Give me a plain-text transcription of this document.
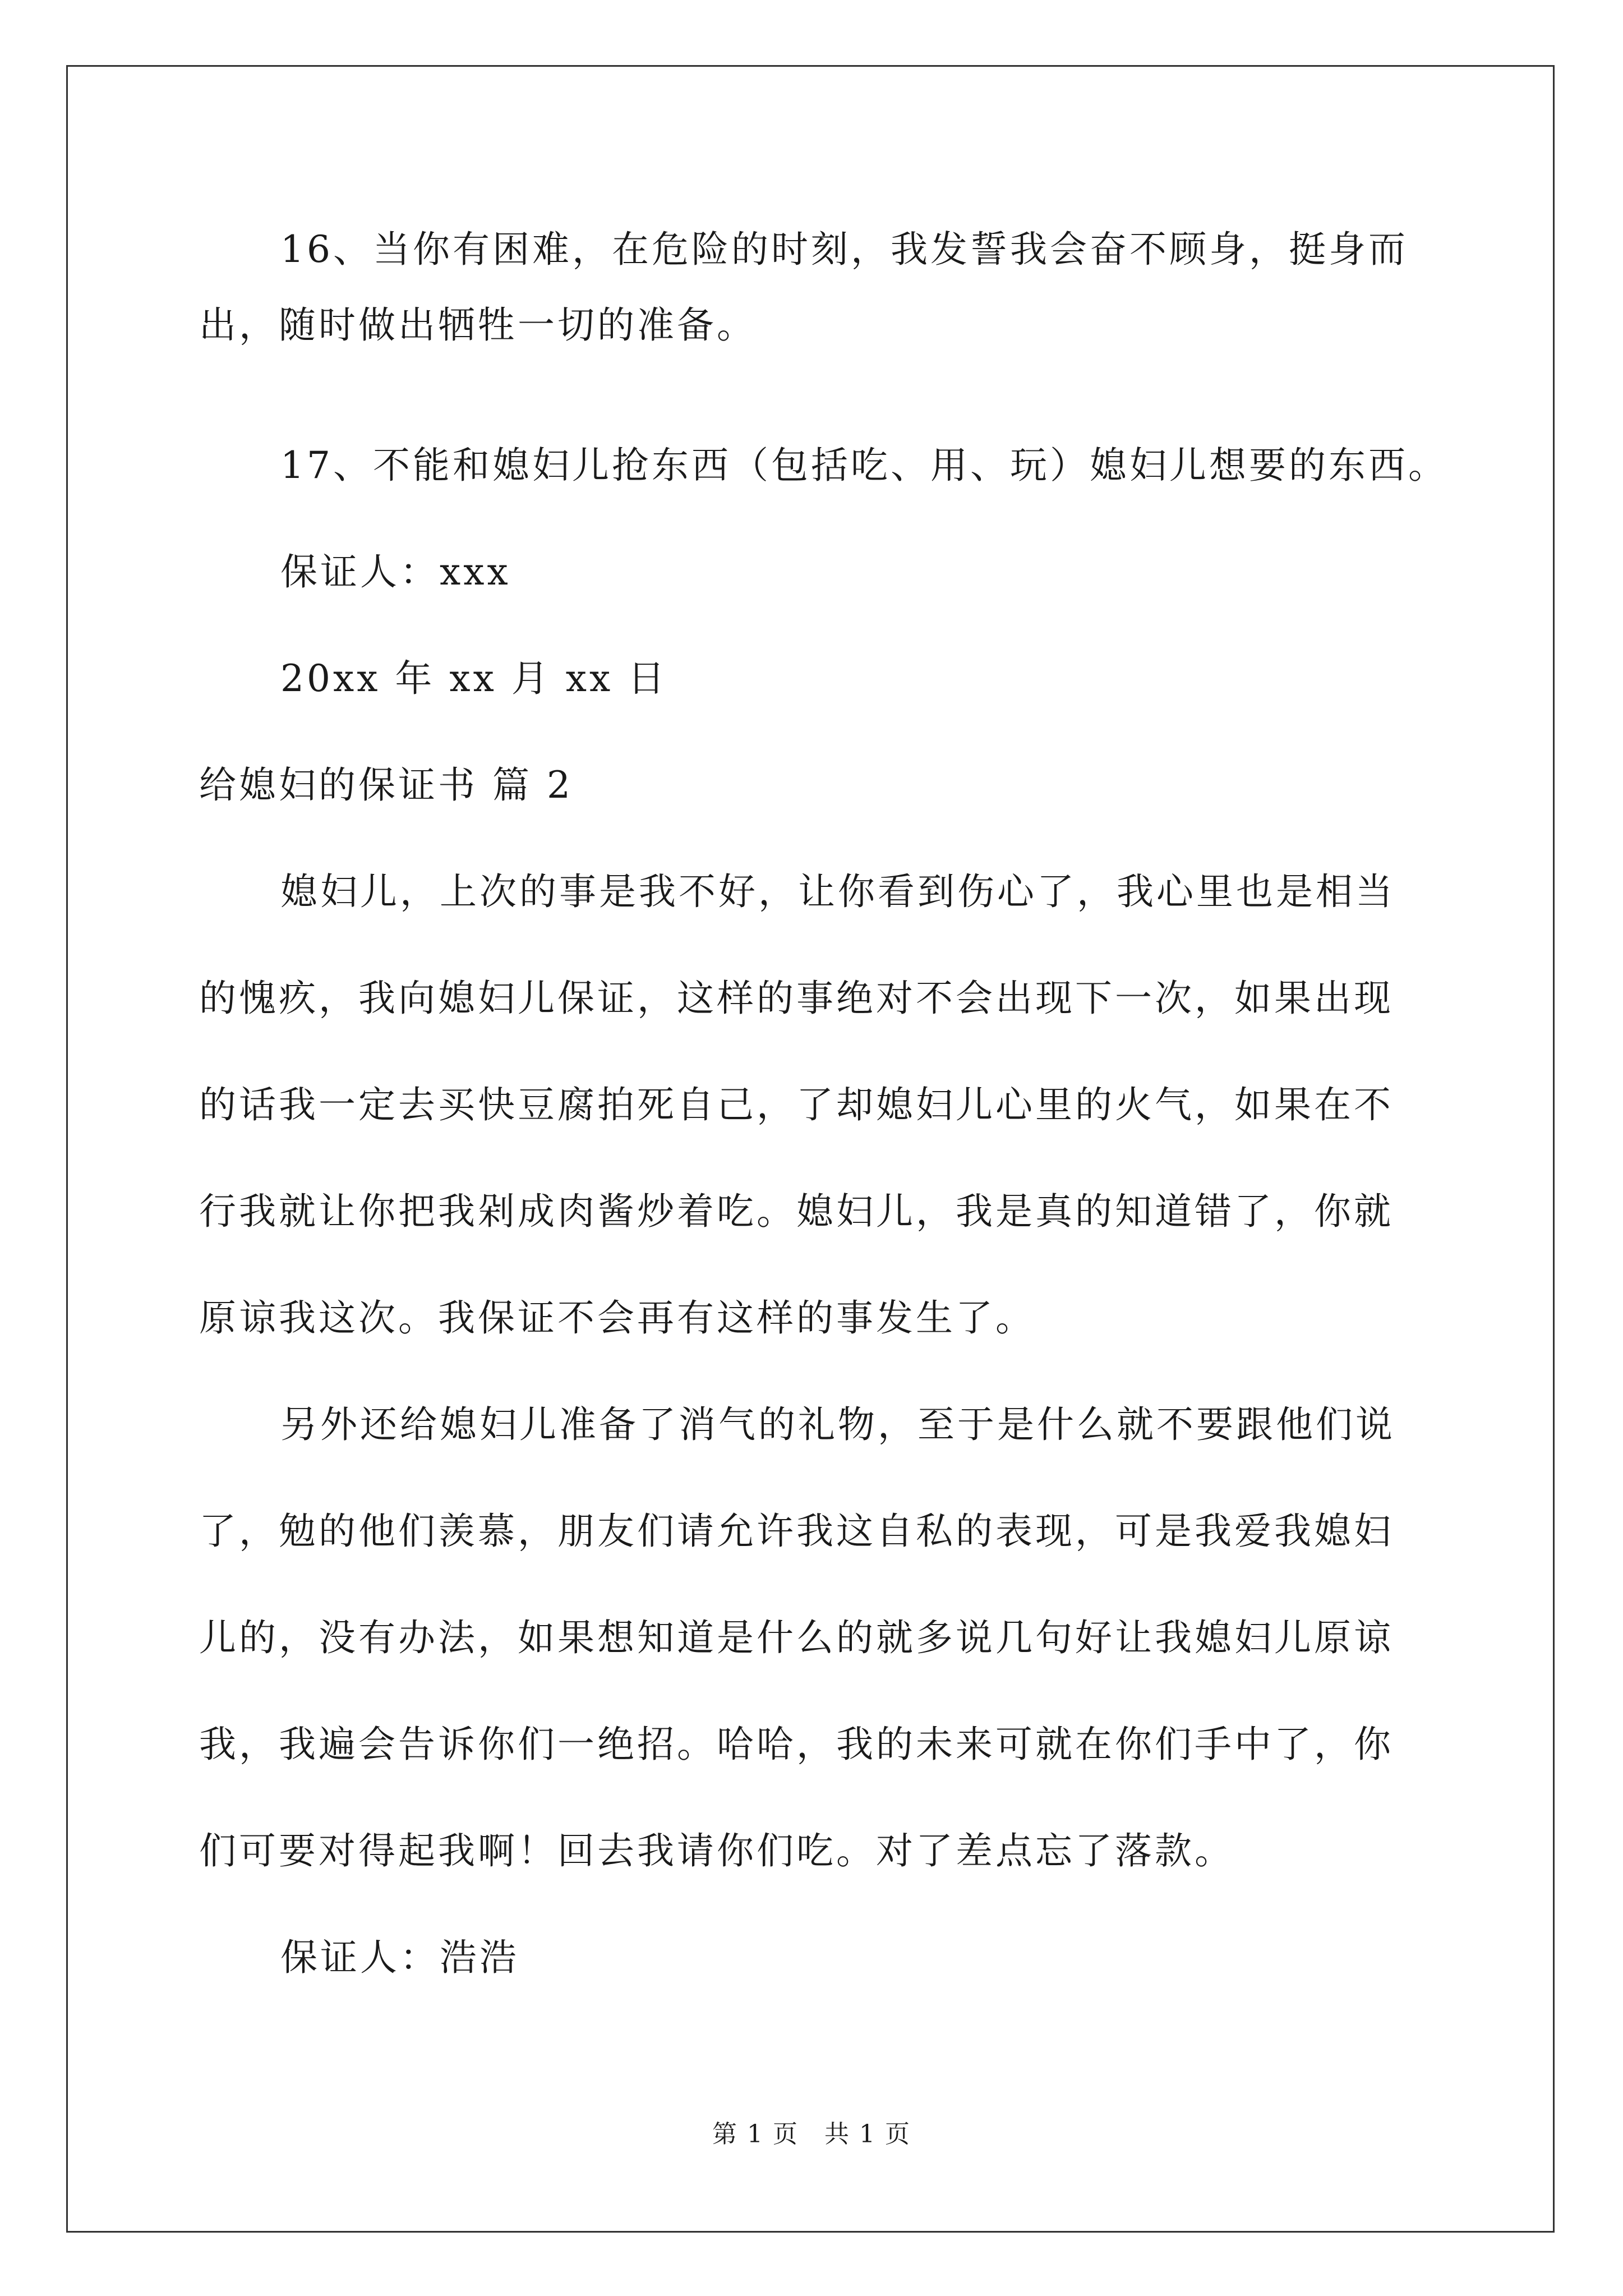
16、当你有困难，在危险的时刻，我发誓我会奋不顾身，挺身而
出，随时做出牺牲一切的准备。
17、不能和媳妇儿抢东西（包括吃、用、玩）媳妇儿想要的东西。
保证人：xxx
20xx 年 xx 月 xx 日
给媳妇的保证书 篇 2
媳妇儿，上次的事是我不好，让你看到伤心了，我心里也是相当
的愧疚，我向媳妇儿保证，这样的事绝对不会出现下一次，如果出现
的话我一定去买快豆腐拍死自己，了却媳妇儿心里的火气，如果在不
行我就让你把我剁成肉酱炒着吃。媳妇儿，我是真的知道错了，你就
原谅我这次。我保证不会再有这样的事发生了。
另外还给媳妇儿准备了消气的礼物，至于是什么就不要跟他们说
了，勉的他们羡慕，朋友们请允许我这自私的表现，可是我爱我媳妇
儿的，没有办法，如果想知道是什么的就多说几句好让我媳妇儿原谅
我，我遍会告诉你们一绝招。哈哈，我的未来可就在你们手中了，你
们可要对得起我啊！回去我请你们吃。对了差点忘了落款。
保证人：浩浩
第 1 页　共 1 页
